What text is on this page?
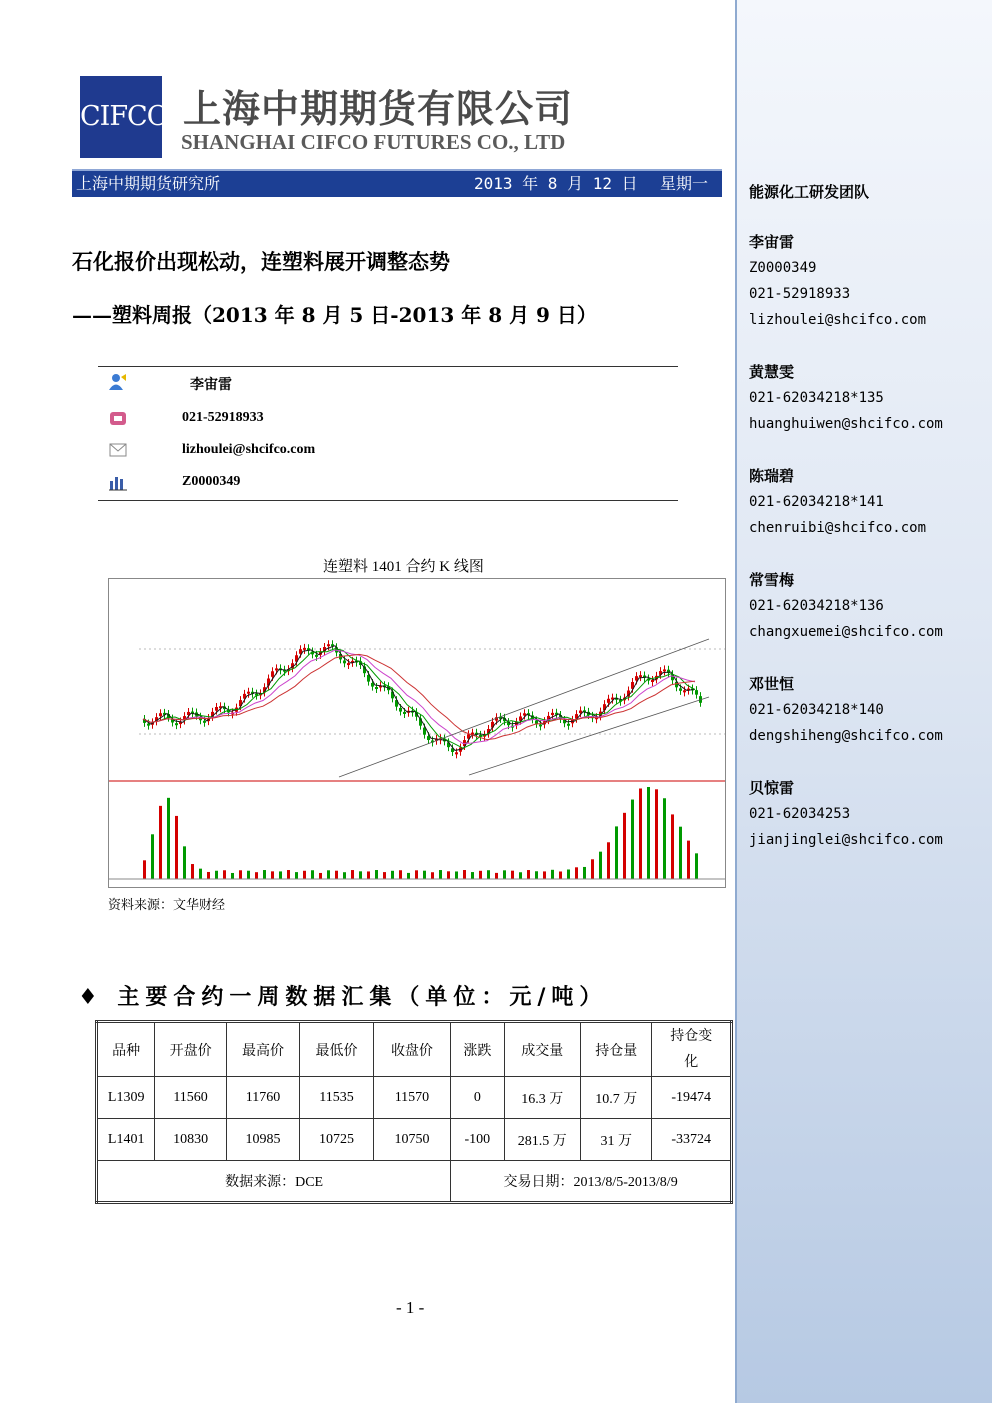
CIFCO 上海中期期货有限公司
SHANGHAI CIFCO FUTURES CO., LTD
上海中期期货研究所	2013 年 8 月 12 日 星期一
石化报价出现松动，连塑料展开调整态势
——塑料周报（2013 年 8 月 5 日-2013 年 8 月 9 日）
李宙雷
021-52918933
lizhoulei@shcifco.com
Z0000349
连塑料 1401 合约 K 线图
资料来源：文华财经
♦ 主要合约一周数据汇集（单位：元/吨）
品种	开盘价	最高价	最低价	收盘价	涨跌	成交量	持仓量	持仓变化
L1309	11560	11760	11535	11570	0	16.3 万	10.7 万	-19474
L1401	10830	10985	10725	10750	-100	281.5 万	31 万	-33724
数据来源：DCE					交易日期：2013/8/5-2013/8/9			
- 1 -
能源化工研发团队
李宙雷
Z0000349
021-52918933
lizhoulei@shcifco.com
黄慧雯
021-62034218*135
huanghuiwen@shcifco.com
陈瑞碧
021-62034218*141
chenruibi@shcifco.com
常雪梅
021-62034218*136
changxuemei@shcifco.com
邓世恒
021-62034218*140
dengshiheng@shcifco.com
贝惊雷
021-62034253
jianjinglei@shcifco.com
